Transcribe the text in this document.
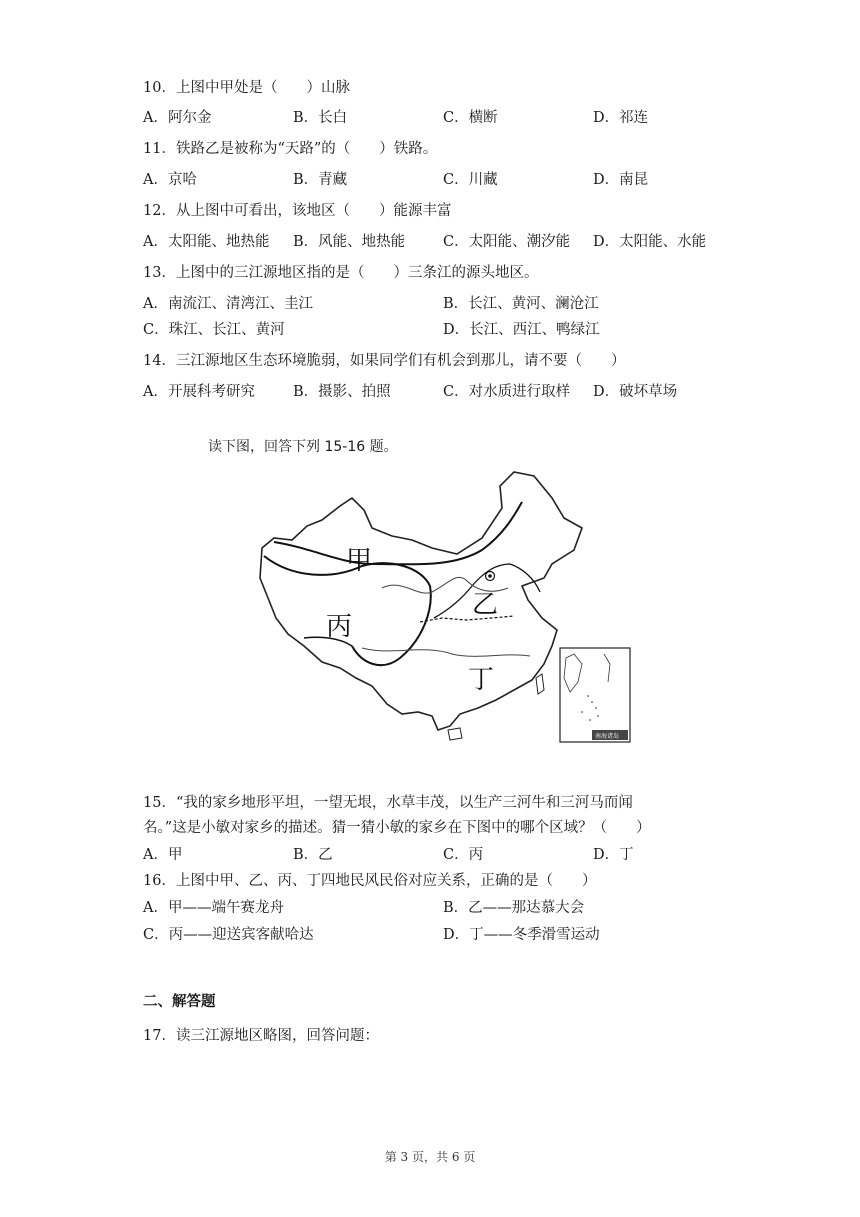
10．上图中甲处是（　　）山脉
A．阿尔金	B．长白	C．横断	D．祁连
11．铁路乙是被称为“天路”的（　　）铁路。
A．京哈	B．青藏	C．川藏	D．南昆
12．从上图中可看出，该地区（　　）能源丰富
A．太阳能、地热能 B．风能、地热能	C．太阳能、潮汐能 D．太阳能、水能
13．上图中的三江源地区指的是（　　）三条江的源头地区。
A．南流江、清湾江、圭江	B．长江、黄河、澜沧江
C．珠江、长江、黄河	D．长江、西江、鸭绿江
14．三江源地区生态环境脆弱，如果同学们有机会到那儿，请不要（　　）
A．开展科考研究	B．摄影、拍照	C．对水质进行取样 D．破坏草场
读下图，回答下列 15-16 题。
甲
乙
丙
丁
南海诸岛
15．“我的家乡地形平坦，一望无垠，水草丰茂，以生产三河牛和三河马而闻
名。”这是小敏对家乡的描述。猜一猜小敏的家乡在下图中的哪个区域？（　　）
A．甲	B．乙	C．丙	D．丁
16．上图中甲、乙、丙、丁四地民风民俗对应关系，正确的是（　　）
A．甲——端午赛龙舟	B．乙——那达慕大会
C．丙——迎送宾客献哈达	D．丁——冬季滑雪运动
二、解答题
17．读三江源地区略图，回答问题：
第 3 页，共 6 页
